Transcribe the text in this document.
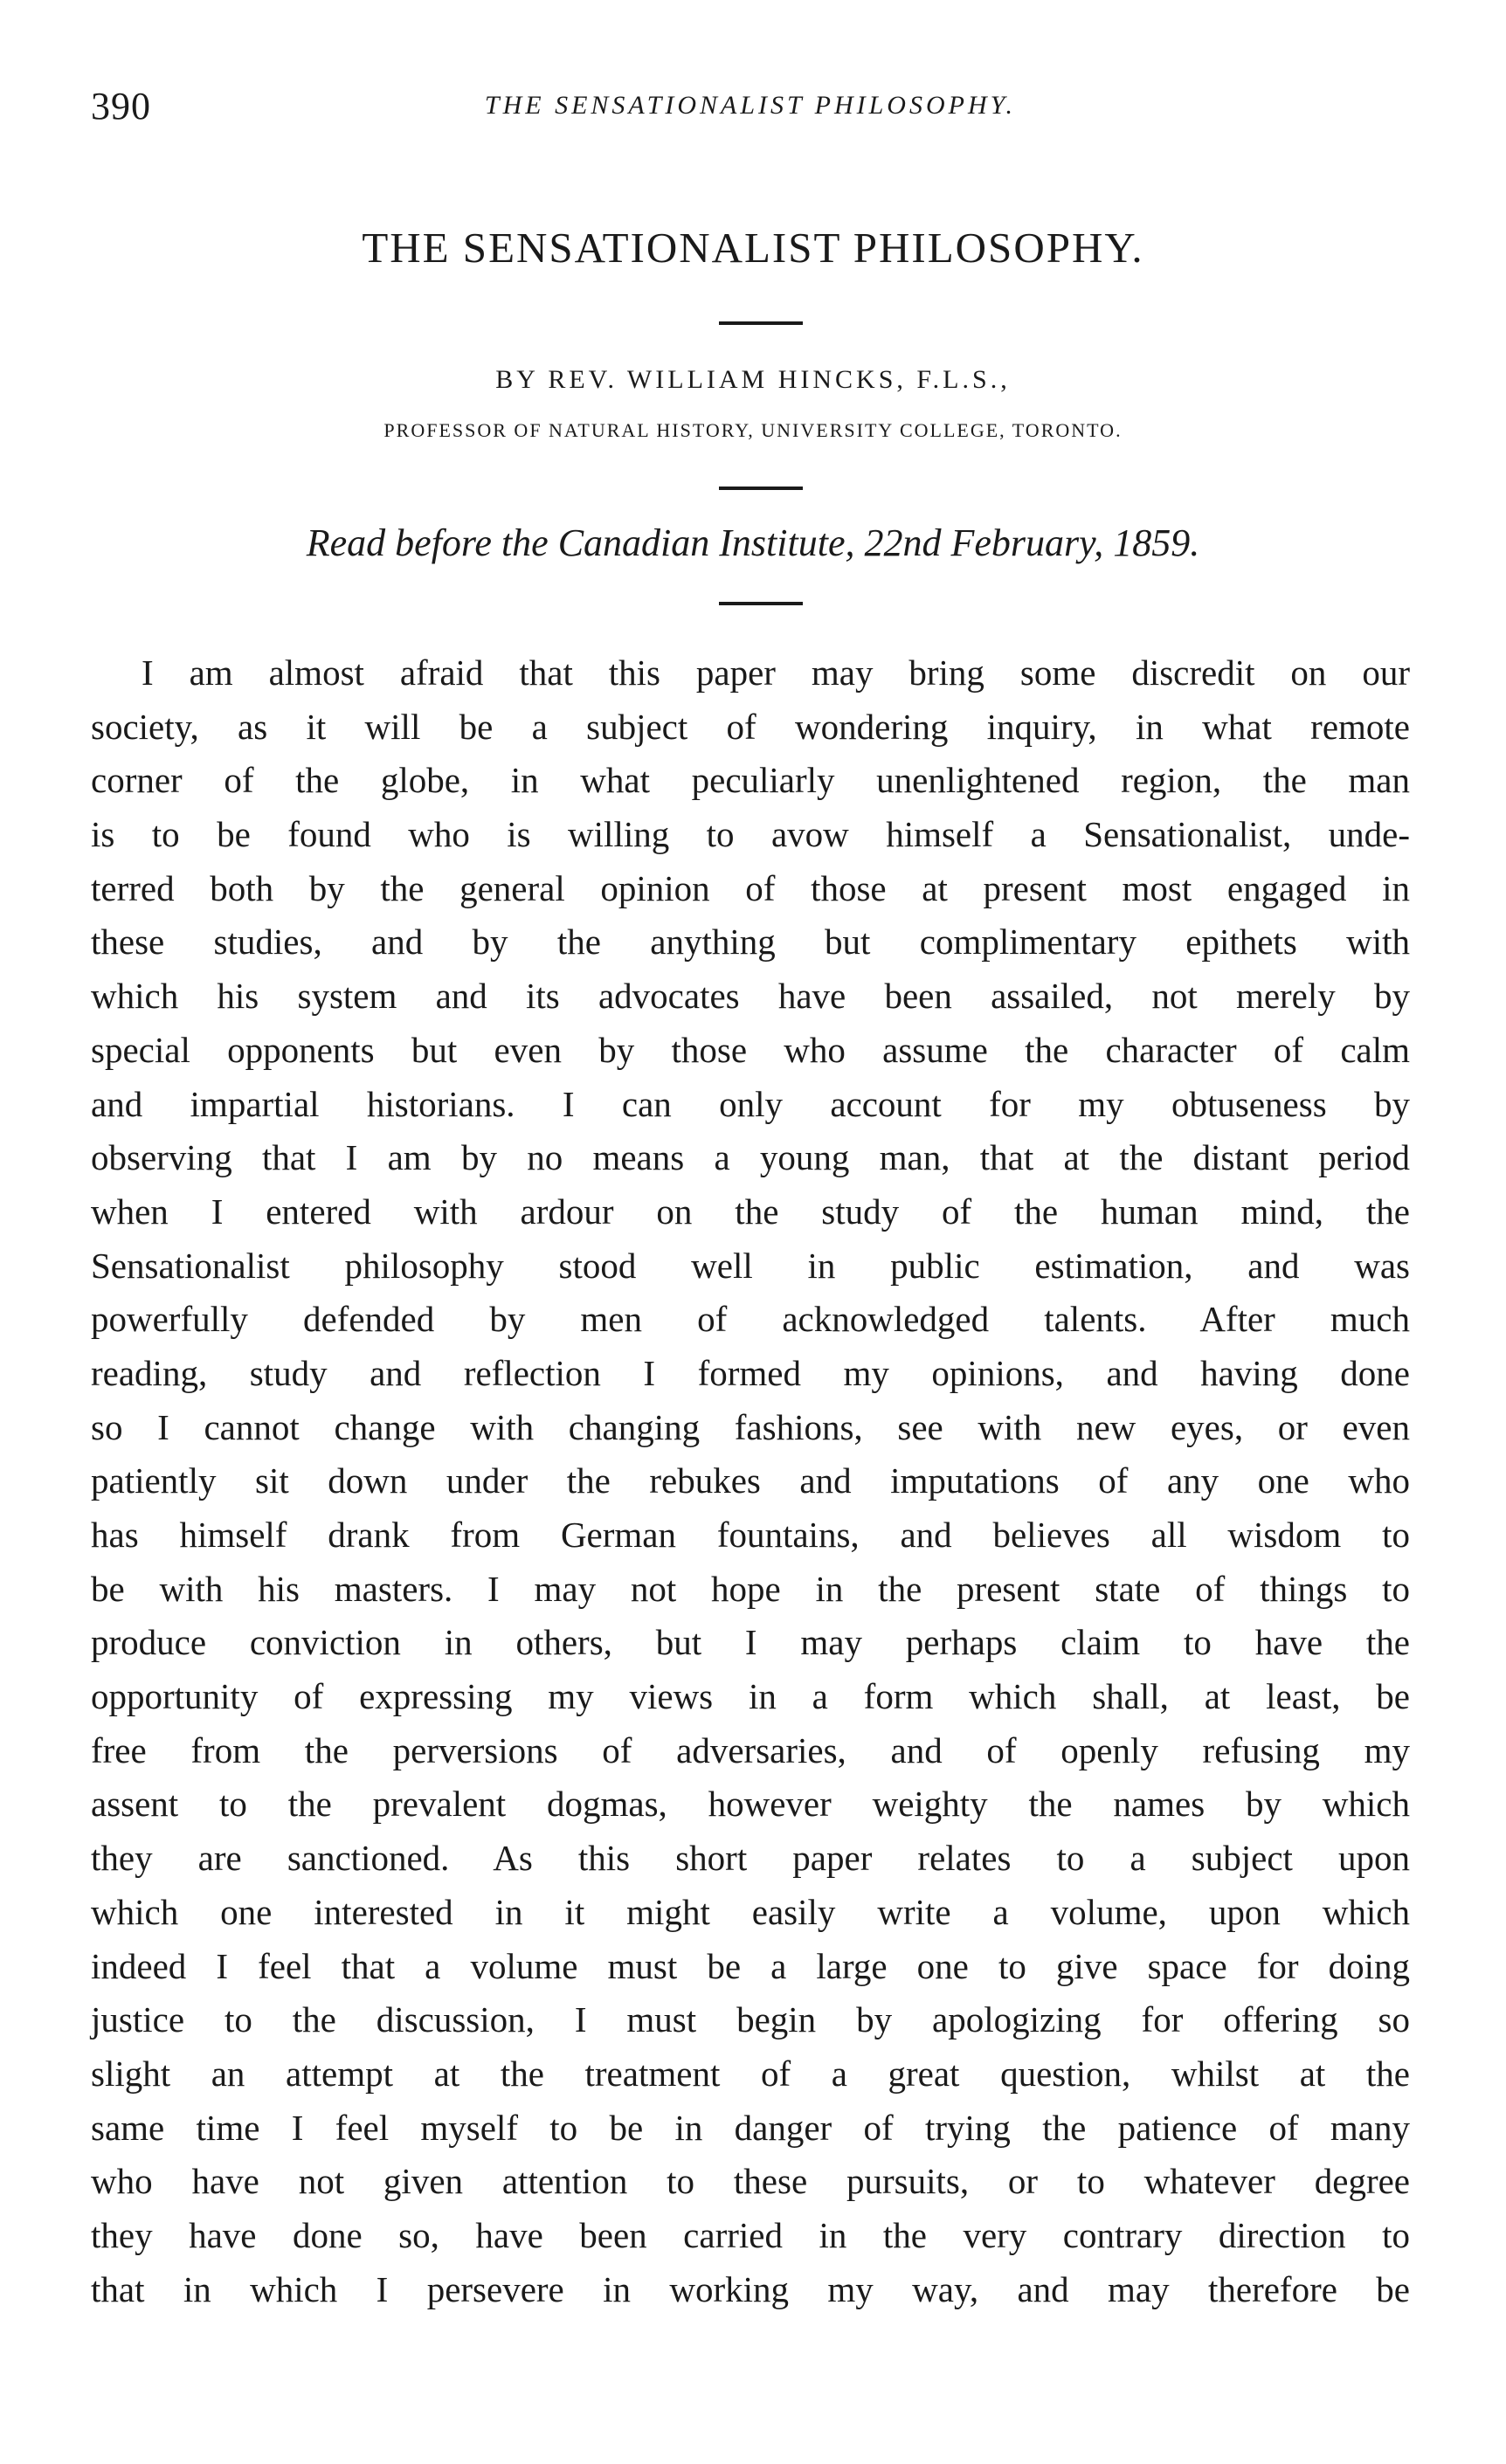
390	THE SENSATIONALIST PHILOSOPHY.
THE SENSATIONALIST PHILOSOPHY.
BY REV. WILLIAM HINCKS, F.L.S.,
PROFESSOR OF NATURAL HISTORY, UNIVERSITY COLLEGE, TORONTO.
Read before the Canadian Institute, 22nd February, 1859.
I am almost afraid that this paper may bring some discredit on our
society, as it will be a subject of wondering inquiry, in what remote
corner of the globe, in what peculiarly unenlightened region, the man
is to be found who is willing to avow himself a Sensationalist, unde-
terred both by the general opinion of those at present most engaged in
these studies, and by the anything but complimentary epithets with
which his system and its advocates have been assailed, not merely by
special opponents but even by those who assume the character of calm
and impartial historians. I can only account for my obtuseness by
observing that I am by no means a young man, that at the distant period
when I entered with ardour on the study of the human mind, the
Sensationalist philosophy stood well in public estimation, and was
powerfully defended by men of acknowledged talents. After much
reading, study and reflection I formed my opinions, and having done
so I cannot change with changing fashions, see with new eyes, or even
patiently sit down under the rebukes and imputations of any one who
has himself drank from German fountains, and believes all wisdom to
be with his masters. I may not hope in the present state of things to
produce conviction in others, but I may perhaps claim to have the
opportunity of expressing my views in a form which shall, at least, be
free from the perversions of adversaries, and of openly refusing my
assent to the prevalent dogmas, however weighty the names by which
they are sanctioned. As this short paper relates to a subject upon
which one interested in it might easily write a volume, upon which
indeed I feel that a volume must be a large one to give space for doing
justice to the discussion, I must begin by apologizing for offering so
slight an attempt at the treatment of a great question, whilst at the
same time I feel myself to be in danger of trying the patience of many
who have not given attention to these pursuits, or to whatever degree
they have done so, have been carried in the very contrary direction to
that in which I persevere in working my way, and may therefore be
